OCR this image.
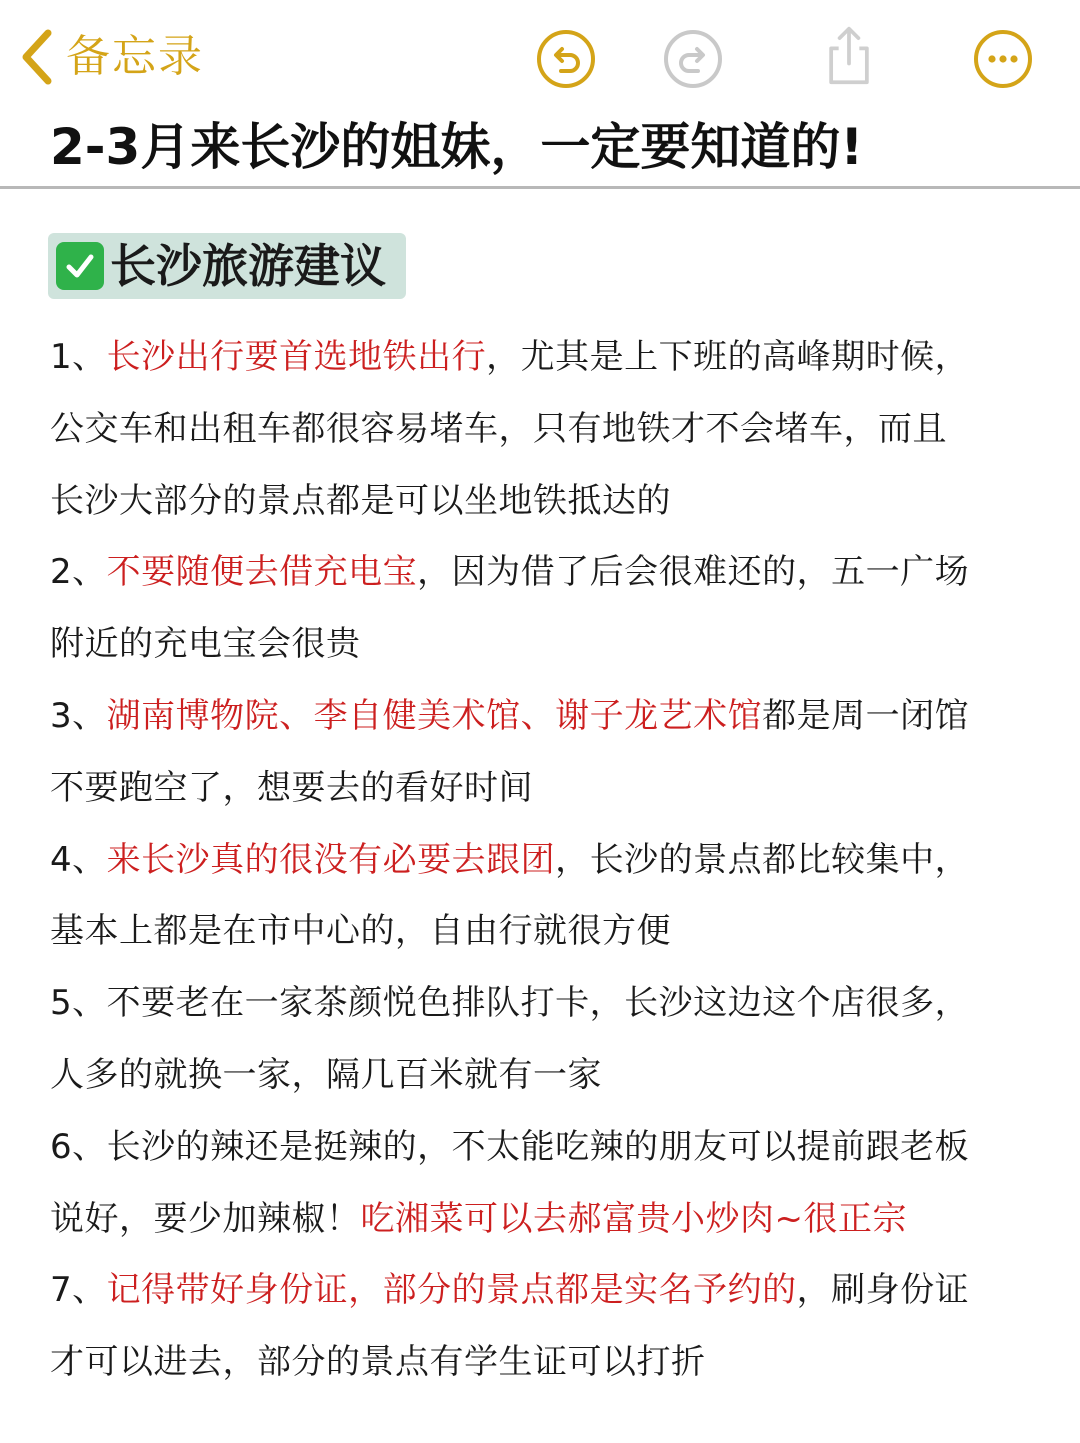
备忘录
2-3月来长沙的姐妹，一定要知道的!
长沙旅游建议
1、长沙出行要首选地铁出行，尤其是上下班的高峰期时候，
公交车和出租车都很容易堵车，只有地铁才不会堵车，而且
长沙大部分的景点都是可以坐地铁抵达的
2、不要随便去借充电宝，因为借了后会很难还的，五一广场
附近的充电宝会很贵
3、湖南博物院、李自健美术馆、谢子龙艺术馆都是周一闭馆
不要跑空了，想要去的看好时间
4、来长沙真的很没有必要去跟团，长沙的景点都比较集中，
基本上都是在市中心的，自由行就很方便
5、不要老在一家茶颜悦色排队打卡，长沙这边这个店很多，
人多的就换一家，隔几百米就有一家
6、长沙的辣还是挺辣的，不太能吃辣的朋友可以提前跟老板
说好，要少加辣椒！吃湘菜可以去郝富贵小炒肉~很正宗
7、记得带好身份证，部分的景点都是实名予约的，刷身份证
才可以进去，部分的景点有学生证可以打折
